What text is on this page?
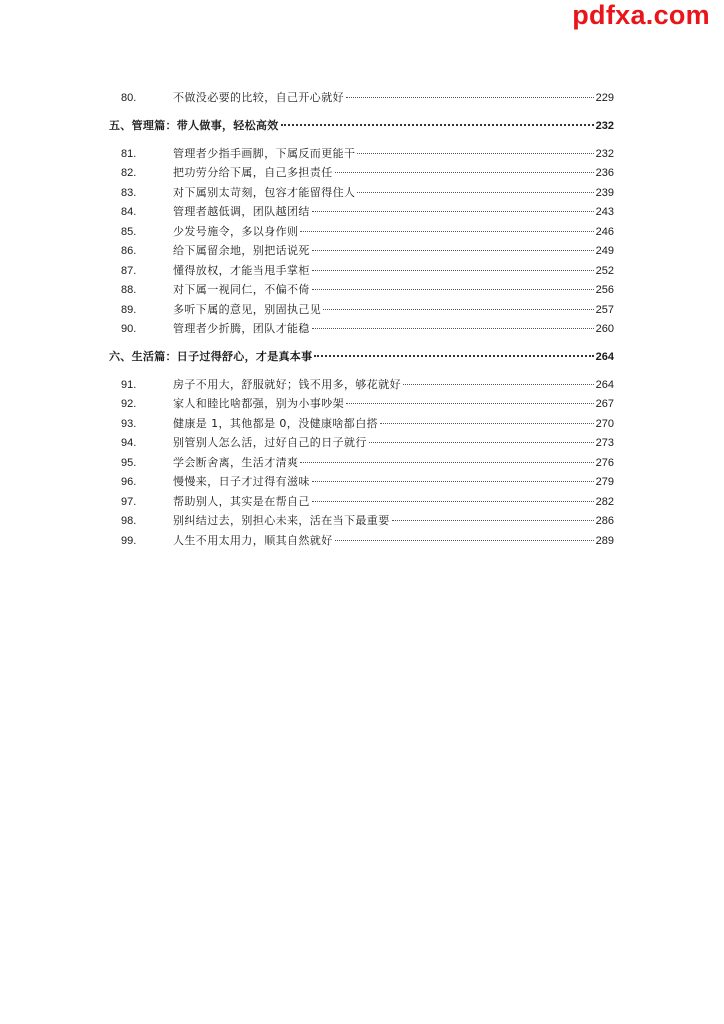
pdfxa.com
80.	不做没必要的比较，自己开心就好	229
五、管理篇：带人做事，轻松高效	232
81.	管理者少指手画脚，下属反而更能干	232
82.	把功劳分给下属，自己多担责任	236
83.	对下属别太苛刻，包容才能留得住人	239
84.	管理者越低调，团队越团结	243
85.	少发号施令，多以身作则	246
86.	给下属留余地，别把话说死	249
87.	懂得放权，才能当甩手掌柜	252
88.	对下属一视同仁，不偏不倚	256
89.	多听下属的意见，别固执己见	257
90.	管理者少折腾，团队才能稳	260
六、生活篇：日子过得舒心，才是真本事	264
91.	房子不用大，舒服就好；钱不用多，够花就好	264
92.	家人和睦比啥都强，别为小事吵架	267
93.	健康是 1，其他都是 0，没健康啥都白搭	270
94.	别管别人怎么活，过好自己的日子就行	273
95.	学会断舍离，生活才清爽	276
96.	慢慢来，日子才过得有滋味	279
97.	帮助别人，其实是在帮自己	282
98.	别纠结过去，别担心未来，活在当下最重要	286
99.	人生不用太用力，顺其自然就好	289
